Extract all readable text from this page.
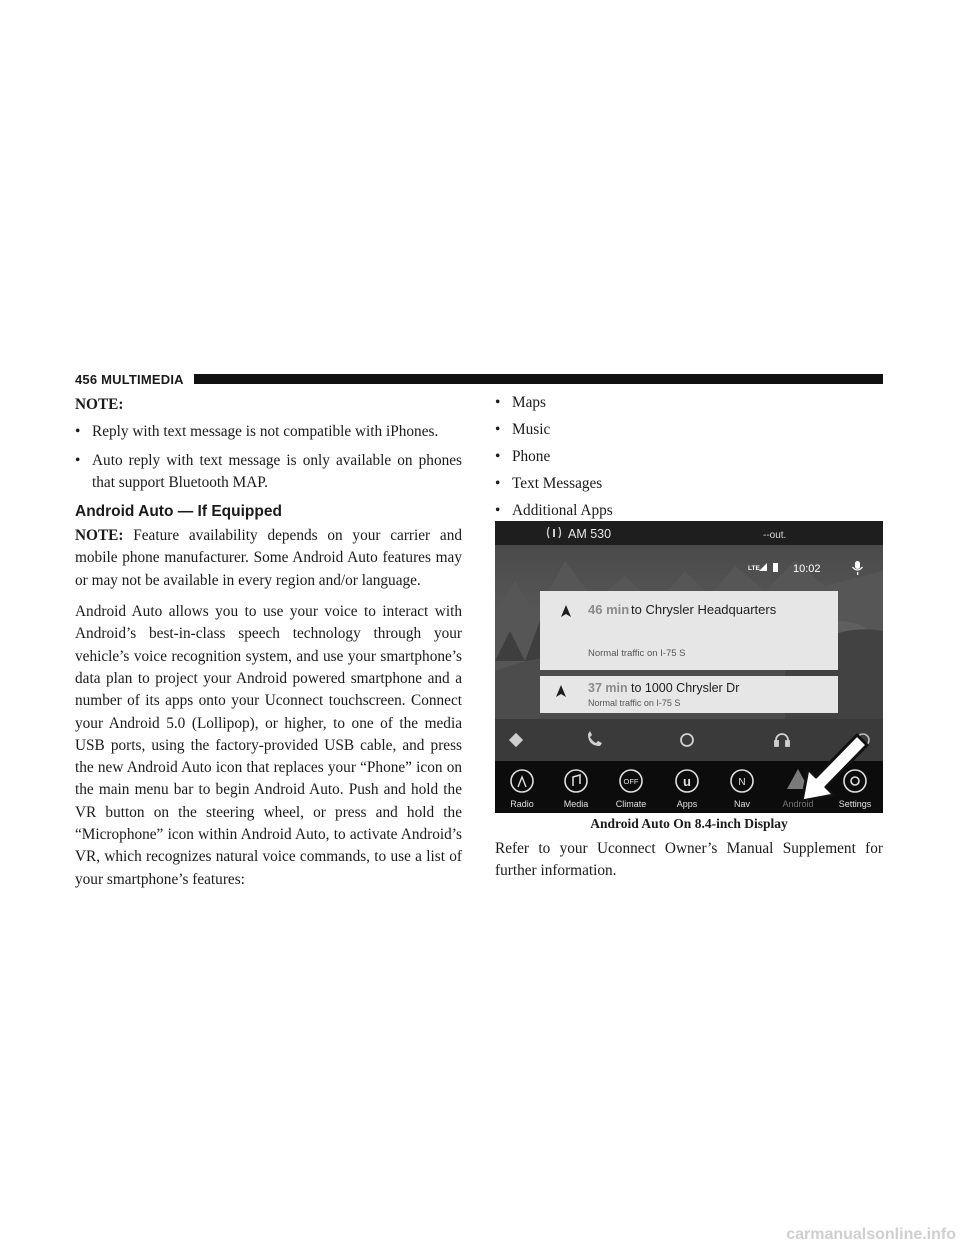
456 MULTIMEDIA

NOTE:

• Reply with text message is not compatible with iPhones.

• Auto reply with text message is only available on phones that support Bluetooth MAP.

Android Auto — If Equipped

NOTE: Feature availability depends on your carrier and mobile phone manufacturer. Some Android Auto features may or may not be available in every region and/or language.

Android Auto allows you to use your voice to interact with Android’s best-in-class speech technology through your vehicle’s voice recognition system, and use your smartphone’s data plan to project your Android powered smartphone and a number of its apps onto your Uconnect touchscreen. Connect your Android 5.0 (Lollipop), or higher, to one of the media USB ports, using the factory-provided USB cable, and press the new Android Auto icon that replaces your “Phone” icon on the main menu bar to begin Android Auto. Push and hold the VR button on the steering wheel, or press and hold the “Microphone” icon within Android Auto, to activate Android’s VR, which recognizes natural voice commands, to use a list of your smartphone’s features:

• Maps

• Music

• Phone

• Text Messages

• Additional Apps

AM 530	--out.
LTE	10:02
46 min to Chrysler Headquarters
Normal traffic on I-75 S
37 min to 1000 Chrysler Dr
Normal traffic on I-75 S
OFF	u	N
Radio	Media	Climate	Apps	Nav	Android	Settings
Android Auto On 8.4-inch Display

Refer to your Uconnect Owner’s Manual Supplement for further information.

carmanualsonline.info
